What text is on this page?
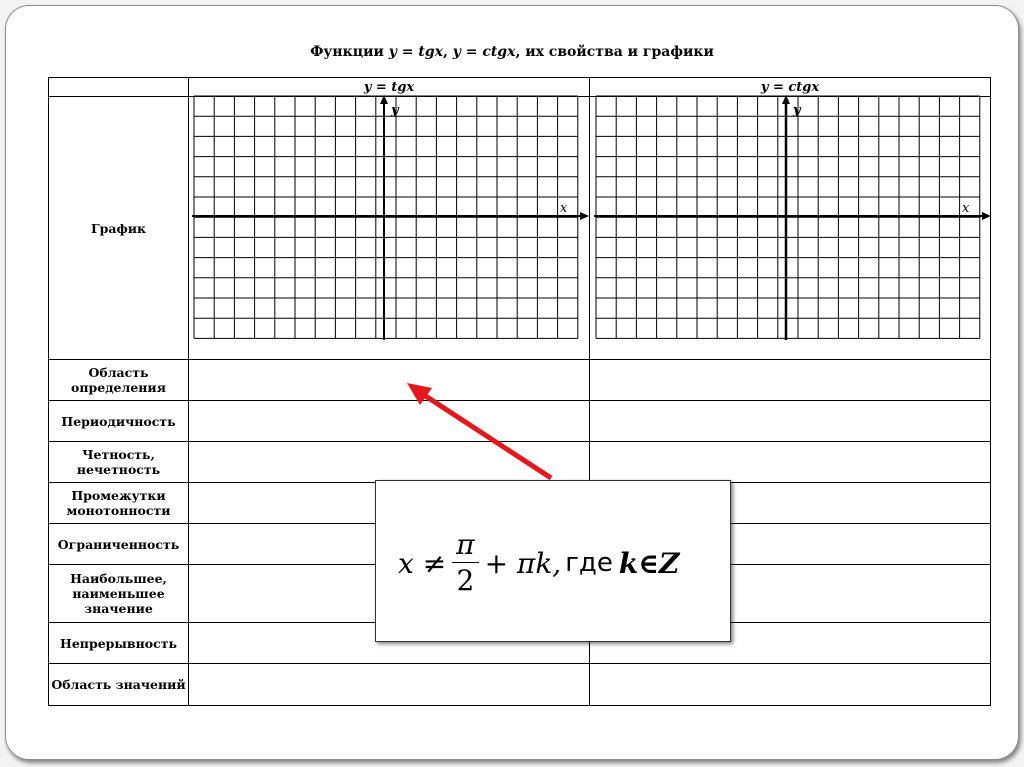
Функции y = tgx, y = ctgx, их свойства и графики
	y = tgx	y = ctgx
График		
Область определения		
Периодичность		
Четность, нечетность		
Промежутки монотонности		
Ограниченность		
Наибольшее, наименьшее значение		
Непрерывность		
Область значений		
x
y
x
y
$x \ne \frac{\pi}{2} + \pi k$, где k∈Z
